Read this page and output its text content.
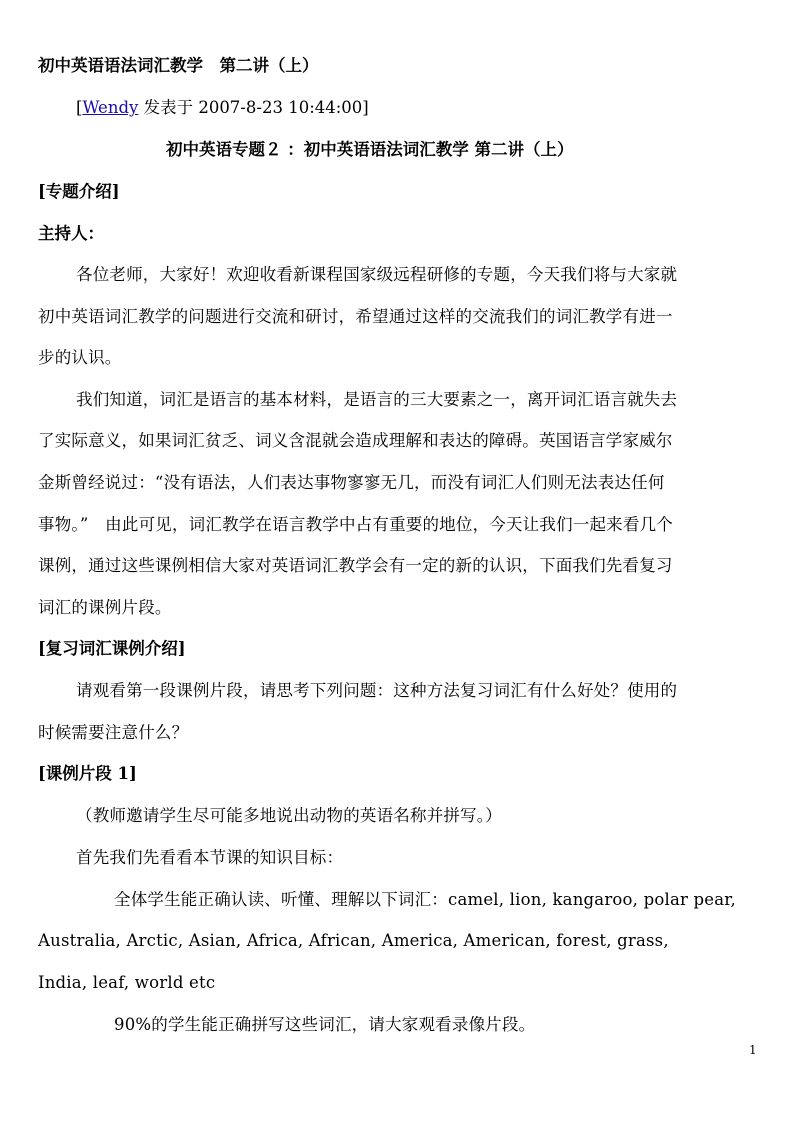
初中英语语法词汇教学　第二讲（上）
[Wendy 发表于 2007-8-23 10:44:00]
初中英语专题２ ：初中英语语法词汇教学 第二讲（上）
[专题介绍]
主持人：
各位老师，大家好！欢迎收看新课程国家级远程研修的专题，今天我们将与大家就
初中英语词汇教学的问题进行交流和研讨，希望通过这样的交流我们的词汇教学有进一
步的认识。
我们知道，词汇是语言的基本材料，是语言的三大要素之一，离开词汇语言就失去
了实际意义，如果词汇贫乏、词义含混就会造成理解和表达的障碍。英国语言学家威尔
金斯曾经说过：“没有语法，人们表达事物寥寥无几，而没有词汇人们则无法表达任何
事物。”　由此可见，词汇教学在语言教学中占有重要的地位，今天让我们一起来看几个
课例，通过这些课例相信大家对英语词汇教学会有一定的新的认识，下面我们先看复习
词汇的课例片段。
[复习词汇课例介绍]
请观看第一段课例片段，请思考下列问题：这种方法复习词汇有什么好处？使用的
时候需要注意什么？
[课例片段 1]
（教师邀请学生尽可能多地说出动物的英语名称并拼写。）
首先我们先看看本节课的知识目标：
全体学生能正确认读、听懂、理解以下词汇：camel, lion, kangaroo, polar pear,
Australia, Arctic, Asian, Africa, African, America, American, forest, grass,
India, leaf, world etc
90%的学生能正确拼写这些词汇，请大家观看录像片段。
1
